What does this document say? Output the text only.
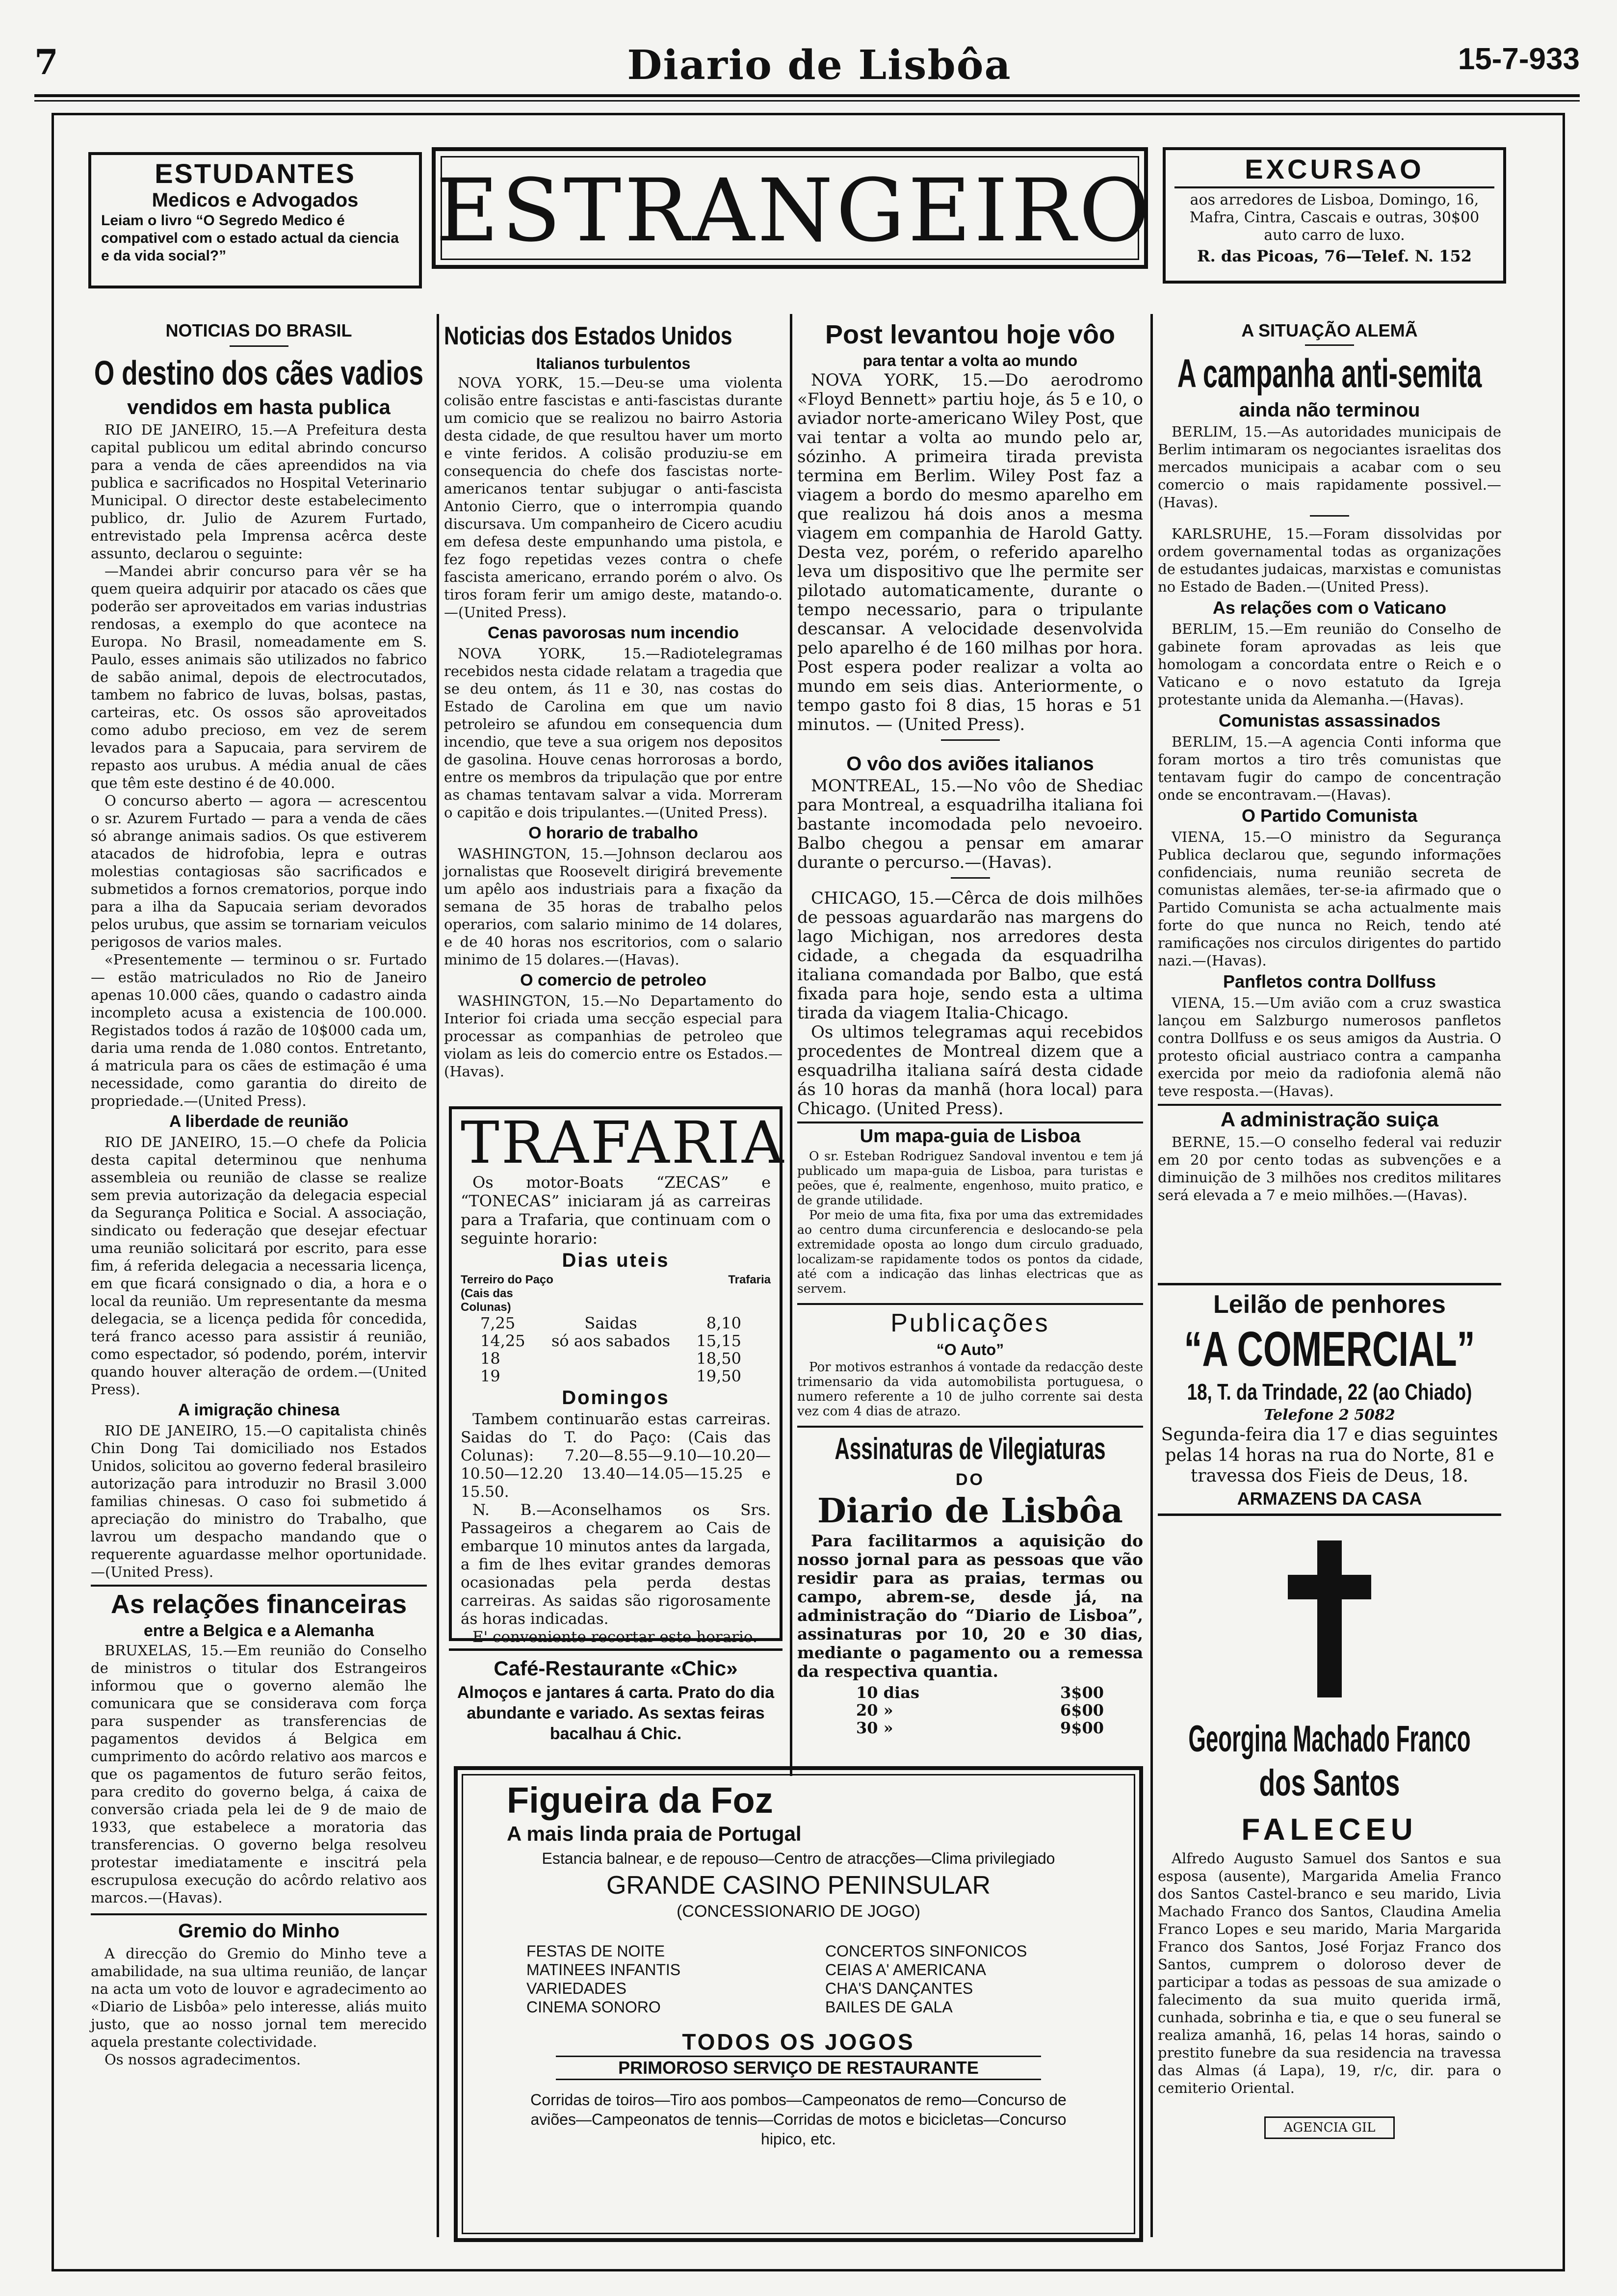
7	Diario de Lisbôa	15-7-933
ESTUDANTES
Medicos e Advogados
Leiam o livro “O Segredo Medico é compativel com o estado actual da ciencia e da vida social?”	ESTRANGEIRO	EXCURSAO
aos arredores de Lisboa, Domingo, 16, Mafra, Cintra, Cascais e outras, 30$00 auto carro de luxo.
R. das Picoas, 76—Telef. N. 152
NOTICIAS DO BRASIL
O destino dos cães vadios
vendidos em hasta publica

RIO DE JANEIRO, 15.—A Prefeitura desta capital publicou um edital abrindo concurso para a venda de cães apreendidos na via publica e sacrificados no Hospital Veterinario Municipal. O director deste estabelecimento publico, dr. Julio de Azurem Furtado, entrevistado pela Imprensa acêrca deste assunto, declarou o seguinte:

—Mandei abrir concurso para vêr se ha quem queira adquirir por atacado os cães que poderão ser aproveitados em varias industrias rendosas, a exemplo do que acontece na Europa. No Brasil, nomeadamente em S. Paulo, esses animais são utilizados no fabrico de sabão animal, depois de electrocutados, tambem no fabrico de luvas, bolsas, pastas, carteiras, etc. Os ossos são aproveitados como adubo precioso, em vez de serem levados para a Sapucaia, para servirem de repasto aos urubus. A média anual de cães que têm este destino é de 40.000.

O concurso aberto — agora — acrescentou o sr. Azurem Furtado — para a venda de cães só abrange animais sadios. Os que estiverem atacados de hidrofobia, lepra e outras molestias contagiosas são sacrificados e submetidos a fornos crematorios, porque indo para a ilha da Sapucaia seriam devorados pelos urubus, que assim se tornariam veiculos perigosos de varios males.

«Presentemente — terminou o sr. Furtado — estão matriculados no Rio de Janeiro apenas 10.000 cães, quando o cadastro ainda incompleto acusa a existencia de 100.000. Registados todos á razão de 10$000 cada um, daria uma renda de 1.080 contos. Entretanto, á matricula para os cães de estimação é uma necessidade, como garantia do direito de propriedade.—(United Press).

A liberdade de reunião

RIO DE JANEIRO, 15.—O chefe da Policia desta capital determinou que nenhuma assembleia ou reunião de classe se realize sem previa autorização da delegacia especial da Segurança Politica e Social. A associação, sindicato ou federação que desejar efectuar uma reunião solicitará por escrito, para esse fim, á referida delegacia a necessaria licença, em que ficará consignado o dia, a hora e o local da reunião. Um representante da mesma delegacia, se a licença pedida fôr concedida, terá franco acesso para assistir á reunião, como espectador, só podendo, porém, intervir quando houver alteração de ordem.—(United Press).

A imigração chinesa

RIO DE JANEIRO, 15.—O capitalista chinês Chin Dong Tai domiciliado nos Estados Unidos, solicitou ao governo federal brasileiro autorização para introduzir no Brasil 3.000 familias chinesas. O caso foi submetido á apreciação do ministro do Trabalho, que lavrou um despacho mandando que o requerente aguardasse melhor oportunidade.—(United Press).

As relações financeiras
entre a Belgica e a Alemanha

BRUXELAS, 15.—Em reunião do Conselho de ministros o titular dos Estrangeiros informou que o governo alemão lhe comunicara que se considerava com força para suspender as transferencias de pagamentos devidos á Belgica em cumprimento do acôrdo relativo aos marcos e que os pagamentos de futuro serão feitos, para credito do governo belga, á caixa de conversão criada pela lei de 9 de maio de 1933, que estabelece a moratoria das transferencias. O governo belga resolveu protestar imediatamente e inscitrá pela escrupulosa execução do acôrdo relativo aos marcos.—(Havas).

Gremio do Minho

A direcção do Gremio do Minho teve a amabilidade, na sua ultima reunião, de lançar na acta um voto de louvor e agradecimento ao «Diario de Lisbôa» pelo interesse, aliás muito justo, que ao nosso jornal tem merecido aquela prestante colectividade.

Os nossos agradecimentos.

Noticias dos Estados Unidos
Italianos turbulentos

NOVA YORK, 15.—Deu-se uma violenta colisão entre fascistas e anti-fascistas durante um comicio que se realizou no bairro Astoria desta cidade, de que resultou haver um morto e vinte feridos. A colisão produziu-se em consequencia do chefe dos fascistas norte-americanos tentar subjugar o anti-fascista Antonio Cierro, que o interrompia quando discursava. Um companheiro de Cicero acudiu em defesa deste empunhando uma pistola, e fez fogo repetidas vezes contra o chefe fascista americano, errando porém o alvo. Os tiros foram ferir um amigo deste, matando-o.—(United Press).

Cenas pavorosas num incendio

NOVA YORK, 15.—Radiotelegramas recebidos nesta cidade relatam a tragedia que se deu ontem, ás 11 e 30, nas costas do Estado de Carolina em que um navio petroleiro se afundou em consequencia dum incendio, que teve a sua origem nos depositos de gasolina. Houve cenas horrorosas a bordo, entre os membros da tripulação que por entre as chamas tentavam salvar a vida. Morreram o capitão e dois tripulantes.—(United Press).

O horario de trabalho

WASHINGTON, 15.—Johnson declarou aos jornalistas que Roosevelt dirigirá brevemente um apêlo aos industriais para a fixação da semana de 35 horas de trabalho pelos operarios, com salario minimo de 14 dolares, e de 40 horas nos escritorios, com o salario minimo de 15 dolares.—(Havas).

O comercio de petroleo

WASHINGTON, 15.—No Departamento do Interior foi criada uma secção especial para processar as companhias de petroleo que violam as leis do comercio entre os Estados.—(Havas).

TRAFARIA

Os motor-Boats “ZECAS” e “TONECAS” iniciaram já as carreiras para a Trafaria, que continuam com o seguinte horario:

Dias uteis
Terreiro do Paço (Cais das Colunas)
Trafaria
7,25	Saidas	8,10
14,25	só aos sabados	15,15
18	18,50
19	19,50
Domingos

Tambem continuarão estas carreiras. Saidas do T. do Paço: (Cais das Colunas): 7.20—8.55—9.10—10.20—10.50—12.20 13.40—14.05—15.25 e 15.50.

N. B.—Aconselhamos os Srs. Passageiros a chegarem ao Cais de embarque 10 minutos antes da largada, a fim de lhes evitar grandes demoras ocasionadas pela perda destas carreiras. As saidas são rigorosamente ás horas indicadas.

E' conveniente recortar este horario.

Café-Restaurante «Chic»
Almoços e jantares á carta. Prato do dia abundante e variado. As sextas feiras bacalhau á Chic.
Post levantou hoje vôo
para tentar a volta ao mundo

NOVA YORK, 15.—Do aerodromo «Floyd Bennett» partiu hoje, ás 5 e 10, o aviador norte-americano Wiley Post, que vai tentar a volta ao mundo pelo ar, sózinho. A primeira tirada prevista termina em Berlim. Wiley Post faz a viagem a bordo do mesmo aparelho em que realizou há dois anos a mesma viagem em companhia de Harold Gatty. Desta vez, porém, o referido aparelho leva um dispositivo que lhe permite ser pilotado automaticamente, durante o tempo necessario, para o tripulante descansar. A velocidade desenvolvida pelo aparelho é de 160 milhas por hora. Post espera poder realizar a volta ao mundo em seis dias. Anteriormente, o tempo gasto foi 8 dias, 15 horas e 51 minutos. — (United Press).

O vôo dos aviões italianos

MONTREAL, 15.—No vôo de Shediac para Montreal, a esquadrilha italiana foi bastante incomodada pelo nevoeiro. Balbo chegou a pensar em amarar durante o percurso.—(Havas).

CHICAGO, 15.—Cêrca de dois milhões de pessoas aguardarão nas margens do lago Michigan, nos arredores desta cidade, a chegada da esquadrilha italiana comandada por Balbo, que está fixada para hoje, sendo esta a ultima tirada da viagem Italia-Chicago.

Os ultimos telegramas aqui recebidos procedentes de Montreal dizem que a esquadrilha italiana saírá desta cidade ás 10 horas da manhã (hora local) para Chicago. (United Press).

Um mapa-guia de Lisboa

O sr. Esteban Rodriguez Sandoval inventou e tem já publicado um mapa-guia de Lisboa, para turistas e peões, que é, realmente, engenhoso, muito pratico, e de grande utilidade.

Por meio de uma fita, fixa por uma das extremidades ao centro duma circunferencia e deslocando-se pela extremidade oposta ao longo dum circulo graduado, localizam-se rapidamente todos os pontos da cidade, até com a indicação das linhas electricas que as servem.

Publicações
“O Auto”

Por motivos estranhos á vontade da redacção deste trimensario da vida automobilista portuguesa, o numero referente a 10 de julho corrente sai desta vez com 4 dias de atrazo.

Assinaturas de Vilegiaturas
DO
Diario de Lisbôa

Para facilitarmos a aquisição do nosso jornal para as pessoas que vão residir para as praias, termas ou campo, abrem-se, desde já, na administração do “Diario de Lisboa”, assinaturas por 10, 20 e 30 dias, mediante o pagamento ou a remessa da respectiva quantia.

10 dias	3$00
20 »	6$00
30 »	9$00
A SITUAÇÃO ALEMÃ
A campanha anti-semita
ainda não terminou

BERLIM, 15.—As autoridades municipais de Berlim intimaram os negociantes israelitas dos mercados municipais a acabar com o seu comercio o mais rapidamente possivel.—(Havas).

KARLSRUHE, 15.—Foram dissolvidas por ordem governamental todas as organizações de estudantes judaicas, marxistas e comunistas no Estado de Baden.—(United Press).

As relações com o Vaticano

BERLIM, 15.—Em reunião do Conselho de gabinete foram aprovadas as leis que homologam a concordata entre o Reich e o Vaticano e o novo estatuto da Igreja protestante unida da Alemanha.—(Havas).

Comunistas assassinados

BERLIM, 15.—A agencia Conti informa que foram mortos a tiro três comunistas que tentavam fugir do campo de concentração onde se encontravam.—(Havas).

O Partido Comunista

VIENA, 15.—O ministro da Segurança Publica declarou que, segundo informações confidenciais, numa reunião secreta de comunistas alemães, ter-se-ia afirmado que o Partido Comunista se acha actualmente mais forte do que nunca no Reich, tendo até ramificações nos circulos dirigentes do partido nazi.—(Havas).

Panfletos contra Dollfuss

VIENA, 15.—Um avião com a cruz swastica lançou em Salzburgo numerosos panfletos contra Dollfuss e os seus amigos da Austria. O protesto oficial austriaco contra a campanha exercida por meio da radiofonia alemã não teve resposta.—(Havas).

A administração suiça

BERNE, 15.—O conselho federal vai reduzir em 20 por cento todas as subvenções e a diminuição de 3 milhões nos creditos militares será elevada a 7 e meio milhões.—(Havas).

Leilão de penhores
“A COMERCIAL”
18, T. da Trindade, 22 (ao Chiado)
Telefone 2 5082
Segunda-feira dia 17 e dias seguintes pelas 14 horas na rua do Norte, 81 e travessa dos Fieis de Deus, 18.
ARMAZENS DA CASA
Georgina Machado Franco
dos Santos
FALECEU

Alfredo Augusto Samuel dos Santos e sua esposa (ausente), Margarida Amelia Franco dos Santos Castel-branco e seu marido, Livia Machado Franco dos Santos, Claudina Amelia Franco Lopes e seu marido, Maria Margarida Franco dos Santos, José Forjaz Franco dos Santos, cumprem o doloroso dever de participar a todas as pessoas de sua amizade o falecimento da sua muito querida irmã, cunhada, sobrinha e tia, e que o seu funeral se realiza amanhã, 16, pelas 14 horas, saindo o prestito funebre da sua residencia na travessa das Almas (á Lapa), 19, r/c, dir. para o cemiterio Oriental.

AGENCIA GIL
Figueira da Foz
A mais linda praia de Portugal
Estancia balnear, e de repouso—Centro de atracções—Clima privilegiado
GRANDE CASINO PENINSULAR
(CONCESSIONARIO DE JOGO)
FESTAS DE NOITE
MATINEES INFANTIS
VARIEDADES
CINEMA SONORO
CONCERTOS SINFONICOS
CEIAS A' AMERICANA
CHA'S DANÇANTES
BAILES DE GALA
TODOS OS JOGOS
PRIMOROSO SERVIÇO DE RESTAURANTE
Corridas de toiros—Tiro aos pombos—Campeonatos de remo—Concurso de aviões—Campeonatos de tennis—Corridas de motos e bicicletas—Concurso hipico, etc.
